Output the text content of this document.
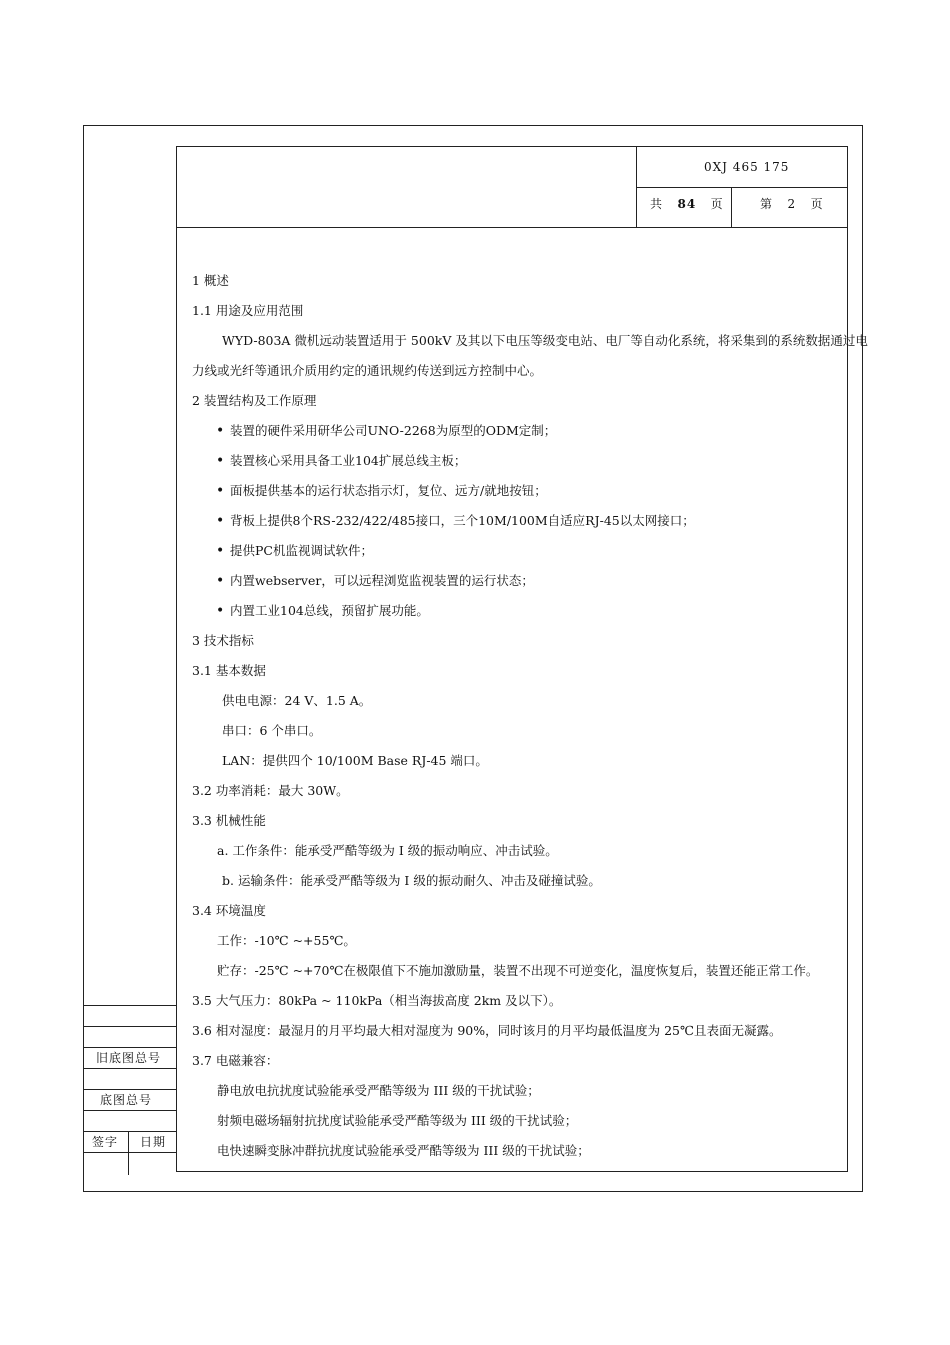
0XJ 465 175
共 84 页	第 2 页
旧底图总号
底图总号
签字 日期
1 概述
1.1 用途及应用范围
WYD-803A 微机远动装置适用于 500kV 及其以下电压等级变电站、电厂等自动化系统，将采集到的系统数据通过电
力线或光纤等通讯介质用约定的通讯规约传送到远方控制中心。
2 装置结构及工作原理
• 装置的硬件采用研华公司UNO-2268为原型的ODM定制；
• 装置核心采用具备工业104扩展总线主板；
• 面板提供基本的运行状态指示灯，复位、远方/就地按钮；
• 背板上提供8个RS-232/422/485接口，三个10M/100M自适应RJ-45以太网接口；
• 提供PC机监视调试软件；
• 内置webserver，可以远程浏览监视装置的运行状态；
• 内置工业104总线，预留扩展功能。
3 技术指标
3.1 基本数据
供电电源：24 V、1.5 A。
串口：6 个串口。
LAN：提供四个 10/100M Base RJ-45 端口。
3.2 功率消耗：最大 30W。
3.3 机械性能
a. 工作条件：能承受严酷等级为 I 级的振动响应、冲击试验。
b. 运输条件：能承受严酷等级为 I 级的振动耐久、冲击及碰撞试验。
3.4 环境温度
工作：-10℃ ~+55℃。
贮存：-25℃ ~+70℃在极限值下不施加激励量，装置不出现不可逆变化，温度恢复后，装置还能正常工作。
3.5 大气压力：80kPa ~ 110kPa（相当海拔高度 2km 及以下）。
3.6 相对湿度：最湿月的月平均最大相对湿度为 90%，同时该月的月平均最低温度为 25℃且表面无凝露。
3.7 电磁兼容：
静电放电抗扰度试验能承受严酷等级为 III 级的干扰试验；
射频电磁场辐射抗扰度试验能承受严酷等级为 III 级的干扰试验；
电快速瞬变脉冲群抗扰度试验能承受严酷等级为 III 级的干扰试验；
